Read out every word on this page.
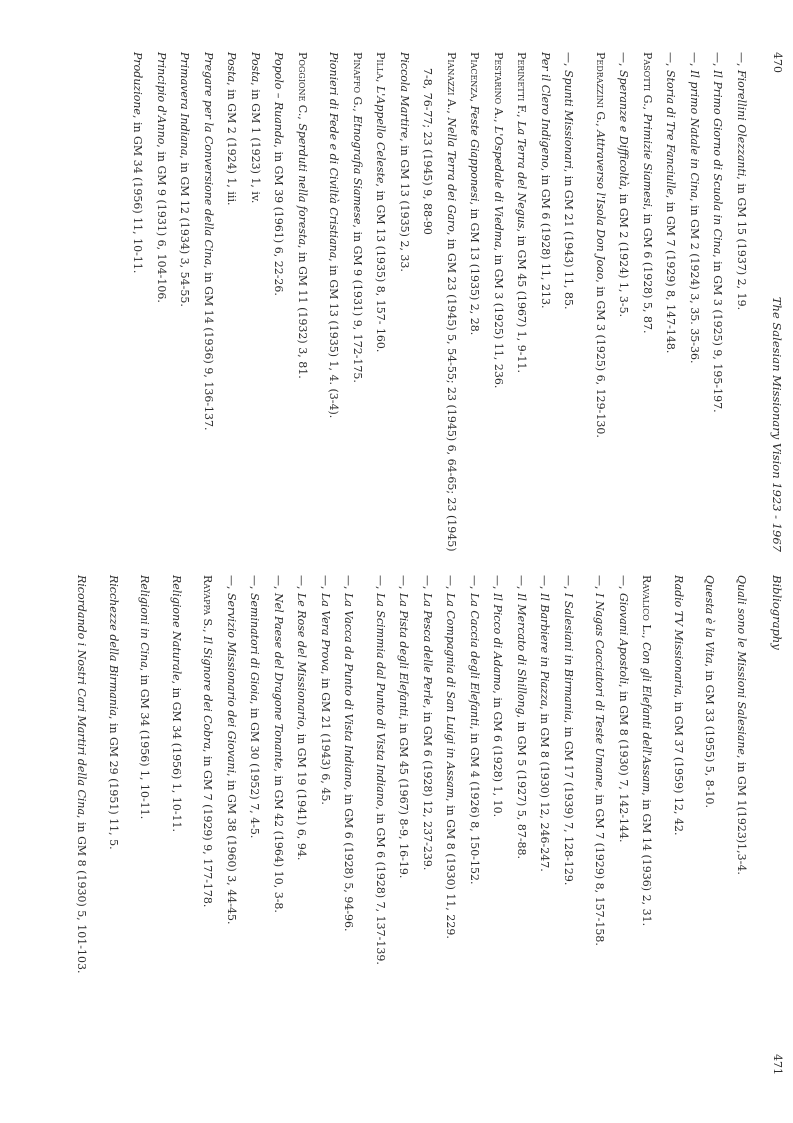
470
The Salesian Missionary Vision 1923 - 1967
—, Fiorellini Olezzanti, in GM 15 (1937) 2, 19.
—, Il Primo Giorno di Scuola in Cina, in GM 3 (1925) 9, 195-197.
—, Il primo Natale in Cina, in GM 2 (1924) 3, 35. 35-36.
—, Storia di Tre Fanciulle, in GM 7 (1929) 8, 147-148.
Pasotti G., Primizie Siamesi, in GM 6 (1928) 5, 87.
—, Speranze e Difficoltà, in GM 2 (1924) 1, 3-5.
Pedrazzini G., Attraverso l'Isola Don Joao, in GM 3 (1925) 6, 129-130.
—, Spunti Missionari, in GM 21 (1943) 11, 85.
Per il Clero Indigeno, in GM 6 (1928) 11, 213.
Perinetti F., La Terra del Negus, in GM 45 (1967) 1, 9-11.
Pestarino A., L'Ospedale di Viedma, in GM 3 (1925) 11, 236.
Piacenza, Feste Giapponesi, in GM 13 (1935) 2, 28.
Pianazzi A., Nella Terra dei Garo, in GM 23 (1945) 5, 54-55; 23 (1945) 6, 64-65; 23 (1945) 7-8, 76-77; 23 (1945) 9, 88-90
Piccola Martire, in GM 13 (1935) 2, 33.
Pilla, L'Appello Celeste, in GM 13 (1935) 8, 157- 160.
Pinaffo G., Etnografia Siamese, in GM 9 (1931) 9, 172-175.
Pionieri di Fede e di Civiltà Cristiana, in GM 13 (1935) 1, 4. (3-4).
Poggione C., Sperduti nella foresta, in GM 11 (1932) 3, 81.
Popolo – Ruanda, in GM 39 (1961) 6, 22-26.
Posta, in GM 1 (1923) 1, iv.
Posta, in GM 2 (1924) 1, iii.
Pregare per la Conversione della Cina, in GM 14 (1936) 9, 136-137.
Primavera Indiana, in GM 12 (1934) 3, 54-55.
Principio d'Anno, in GM 9 (1931) 6, 104-106.
Produzione, in GM 34 (1956) 11, 10-11.
471
Bibliography
Quali sono le Missioni Salesiane, in GM 1(1923)1,3-4.
Questa è la Vita, in GM 33 (1955) 5, 8-10.
Radio TV Missionaria, in GM 37 (1959) 12, 42.
Ravalico L., Con gli Elefanti dell'Assam, in GM 14 (1936) 2, 31.
—, Giovani Apostoli, in GM 8 (1930) 7, 142-144.
—, I Nagas Cacciatori di Teste Umane, in GM 7 (1929) 8, 157-158.
—, I Salesiani in Birmania, in GM 17 (1939) 7, 128-129.
—, Il Barbiere in Piazza, in GM 8 (1930) 12, 246-247.
—, Il Mercato di Shillong, in GM 5 (1927) 5, 87-88.
—, Il Picco di Adamo, in GM 6 (1928) 1, 10.
—, La Caccia degli Elefanti, in GM 4 (1926) 8, 150-152.
—, La Compagnia di San Luigi in Assam, in GM 8 (1930) 11, 229.
—, La Pesca delle Perle, in GM 6 (1928) 12, 237-239.
—, La Pista degli Elefanti, in GM 45 (1967) 8-9, 16-19.
—, La Scimmia dal Punto di Vista Indiano, in GM 6 (1928) 7, 137-139.
—, La Vacca da Punto di Vista Indiano, in GM 6 (1928) 5, 94-96.
—, La Vera Prova, in GM 21 (1943) 6, 45.
—, Le Rose del Missionario, in GM 19 (1941) 6, 94.
—, Nel Paese del Dragone Tonante, in GM 42 (1964) 10, 3-8.
—, Seminatori di Gioia, in GM 30 (1952) 7, 4-5.
—, Servizio Missionario dei Giovani, in GM 38 (1960) 3, 44-45.
Rayappa S., Il Signore dei Cobra, in GM 7 (1929) 9, 177-178.
Religione Naturale, in GM 34 (1956) 1, 10-11.
Religioni in Cina, in GM 34 (1956) 1, 10-11.
Ricchezze della Birmania, in GM 29 (1951) 11, 5.
Ricordando i Nostri Cari Martiri della Cina, in GM 8 (1930) 5, 101-103.
